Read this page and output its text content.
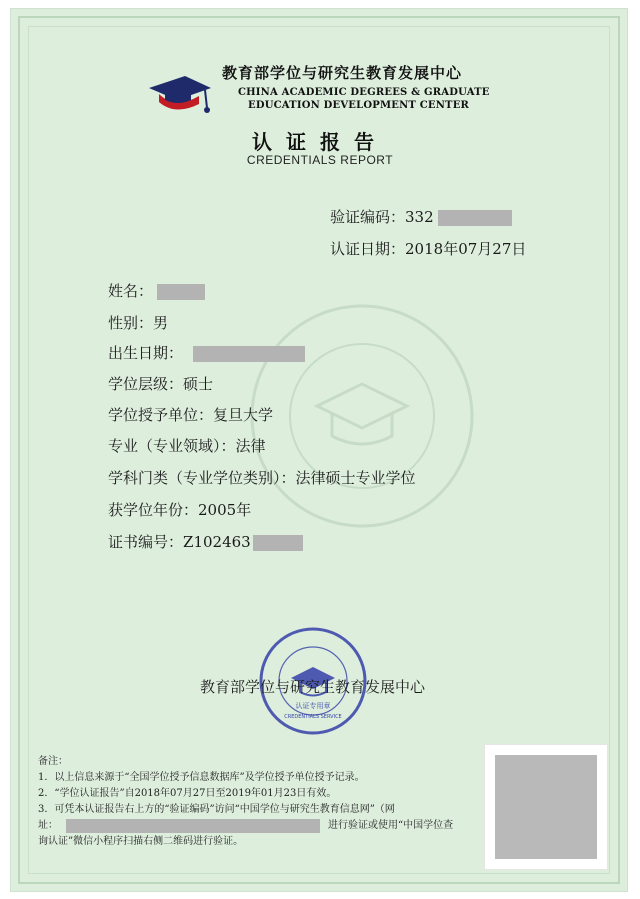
教育部学位与研究生教育发展中心
CHINA ACADEMIC DEGREES & GRADUATE
EDUCATION DEVELOPMENT CENTER
认证报告
CREDENTIALS REPORT
验证编码：332
认证日期：2018年07月27日
姓名：
性别：男
出生日期：
学位层级：硕士
学位授予单位：复旦大学
专业（专业领域）：法律
学科门类（专业学位类别）：法律硕士专业学位
获学位年份：2005年
证书编号：Z102463
认证专用章
CREDENTIALS SERVICE
教育部学位与研究生教育发展中心
备注：
1．以上信息来源于“全国学位授予信息数据库”及学位授予单位授予记录。
2．“学位认证报告”自2018年07月27日至2019年01月23日有效。
3．可凭本认证报告右上方的“验证编码”访问“中国学位与研究生教育信息网”（网
址：	进行验证或使用“中国学位查
询认证”微信小程序扫描右侧二维码进行验证。
